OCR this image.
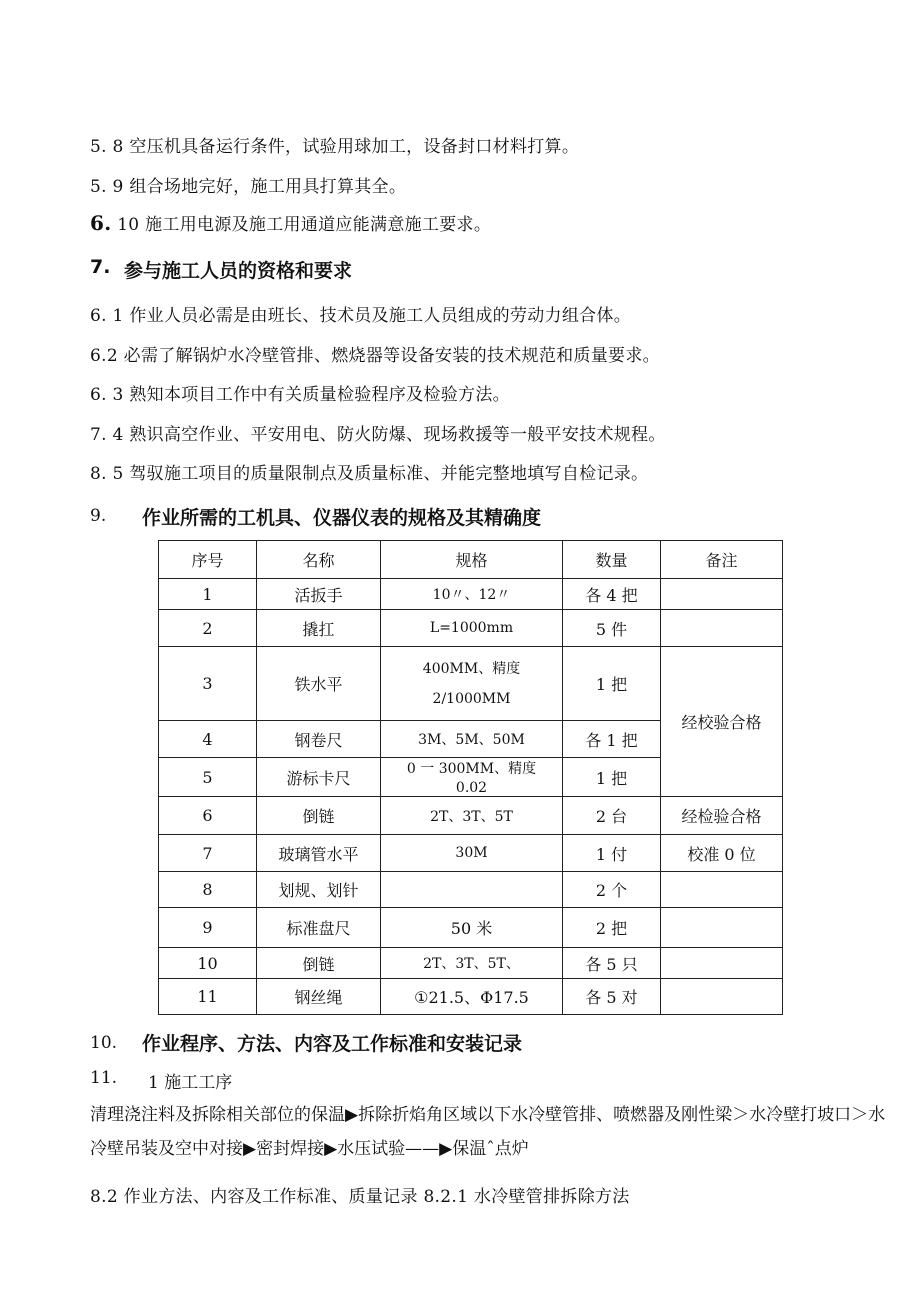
5. 8 空压机具备运行条件，试验用球加工，设备封口材料打算。
5. 9 组合场地完好，施工用具打算其全。
6. 10 施工用电源及施工用通道应能满意施工要求。
7. 参与施工人员的资格和要求
6. 1 作业人员必需是由班长、技术员及施工人员组成的劳动力组合体。
6.2 必需了解锅炉水冷壁管排、燃烧器等设备安装的技术规范和质量要求。
6. 3 熟知本项目工作中有关质量检验程序及检验方法。
7. 4 熟识高空作业、平安用电、防火防爆、现场救援等一般平安技术规程。
8. 5 驾驭施工项目的质量限制点及质量标准、并能完整地填写自检记录。
9. 作业所需的工机具、仪器仪表的规格及其精确度
序号	名称	规格	数量	备注
1	活扳手	10〃、12〃	各 4 把	
2	撬扛	L=1000mm	5 件	
3	铁水平	400MM、精度
2/1000MM	1 把	经校验合格
4	钢卷尺	3M、5M、50M	各 1 把	
5	游标卡尺	0 一 300MM、精度
0.02	1 把	
6	倒链	2T、3T、5T	2 台	经检验合格
7	玻璃管水平	30M	1 付	校准 0 位
8	划规、划针		2 个	
9	标准盘尺	50 米	2 把	
10	倒链	2T、3T、5T、	各 5 只	
11	钢丝绳	①21.5、Φ17.5	各 5 对	
10. 作业程序、方法、内容及工作标准和安装记录
11. 1 施工工序
清理浇注料及拆除相关部位的保温▶拆除折焰角区域以下水冷壁管排、喷燃器及刚性梁＞水冷壁打坡口＞水冷壁吊装及空中对接▶密封焊接▶水压试验——▶保温ˆ点炉
8.2 作业方法、内容及工作标准、质量记录 8.2.1 水冷壁管排拆除方法
